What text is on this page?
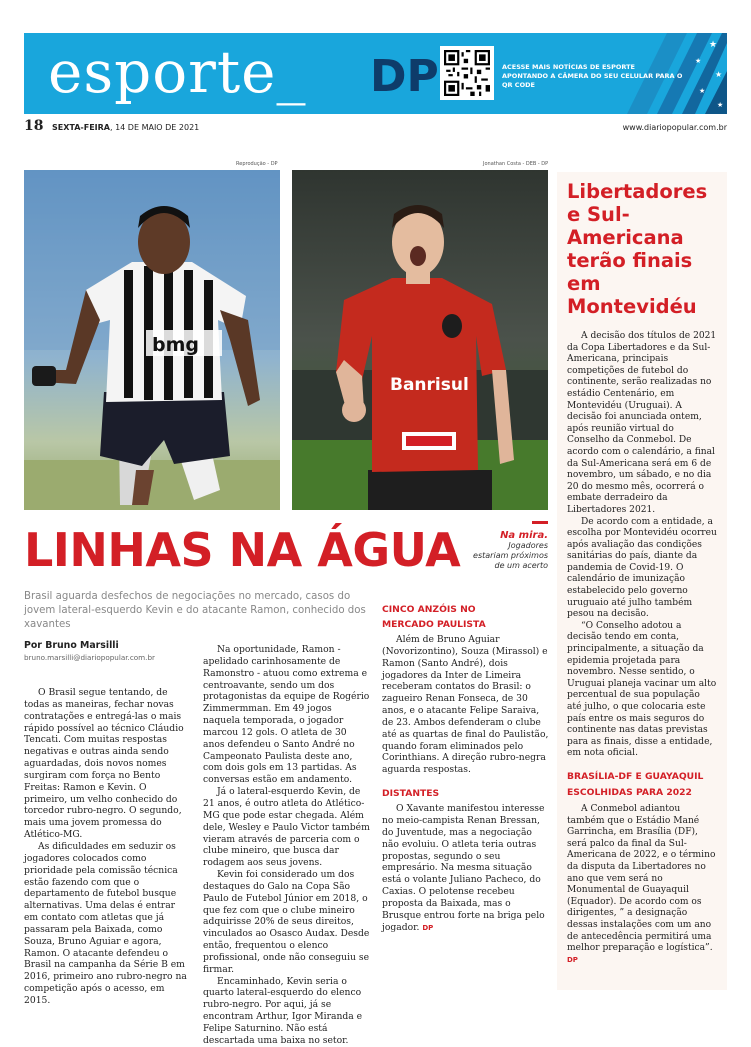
★
★
★
★
★
esporte_ DP	ACESSE MAIS NOTÍCIAS DE ESPORTE
APONTANDO A CÂMERA DO SEU CELULAR PARA O QR CODE
18 SEXTA-FEIRA, 14 DE MAIO DE 2021	www.diariopopular.com.br
Reprodução - DP	Jonathan Costa - DEB - DP
bmg
Banrisul
Libertadores e Sul-Americana terão finais em Montevidéu

A decisão dos títulos de 2021 da Copa Libertadores e da Sul-Americana, principais competições de futebol do continente, serão realizadas no estádio Centenário, em Montevidéu (Uruguai). A decisão foi anunciada ontem, após reunião virtual do Conselho da Conmebol. De acordo com o calendário, a final da Sul-Americana será em 6 de novembro, um sábado, e no dia 20 do mesmo mês, ocorrerá o embate derradeiro da Libertadores 2021.

De acordo com a entidade, a escolha por Montevidéu ocorreu após avaliação das condições sanitárias do país, diante da pandemia de Covid-19. O calendário de imunização estabelecido pelo governo uruguaio até julho também pesou na decisão.

“O Conselho adotou a decisão tendo em conta, principalmente, a situação da epidemia projetada para novembro. Nesse sentido, o Uruguai planeja vacinar um alto percentual de sua população até julho, o que colocaria este país entre os mais seguros do continente nas datas previstas para as finais, disse a entidade, em nota oficial.

BRASÍLIA-DF E GUAYAQUIL
ESCOLHIDAS PARA 2022

A Conmebol adiantou também que o Estádio Mané Garrincha, em Brasília (DF), será palco da final da Sul-Americana de 2022, e o término da disputa da Libertadores no ano que vem será no Monumental de Guayaquil (Equador). De acordo com os dirigentes, ” a designação dessas instalações com um ano de antecedência permitirá uma melhor preparação e logística”. DP

LINHAS NA ÁGUA	Na mira.
Jogadores
estariam próximos
de um acerto
Brasil aguarda desfechos de negociações no mercado, casos do jovem lateral-esquerdo Kevin e do atacante Ramon, conhecido dos xavantes
Por Bruno Marsilli
bruno.marsilli@diariopopular.com.br

O Brasil segue tentando, de todas as maneiras, fechar novas contratações e entregá-las o mais rápido possível ao técnico Cláudio Tencati. Com muitas respostas negativas e outras ainda sendo aguardadas, dois novos nomes surgiram com força no Bento Freitas: Ramon e Kevin. O primeiro, um velho conhecido do torcedor rubro-negro. O segundo, mais uma jovem promessa do Atlético-MG.

As dificuldades em seduzir os jogadores colocados como prioridade pela comissão técnica estão fazendo com que o departamento de futebol busque alternativas. Uma delas é entrar em contato com atletas que já passaram pela Baixada, como Souza, Bruno Aguiar e agora, Ramon. O atacante defendeu o Brasil na campanha da Série B em 2016, primeiro ano rubro-negro na competição após o acesso, em 2015.

Na oportunidade, Ramon - apelidado carinhosamente de Ramonstro - atuou como extrema e centroavante, sendo um dos protagonistas da equipe de Rogério Zimmermman. Em 49 jogos naquela temporada, o jogador marcou 12 gols. O atleta de 30 anos defendeu o Santo André no Campeonato Paulista deste ano, com dois gols em 13 partidas. As conversas estão em andamento.

Já o lateral-esquerdo Kevin, de 21 anos, é outro atleta do Atlético-MG que pode estar chegada. Além dele, Wesley e Paulo Victor também vieram através de parceria com o clube mineiro, que busca dar rodagem aos seus jovens.

Kevin foi considerado um dos destaques do Galo na Copa São Paulo de Futebol Júnior em 2018, o que fez com que o clube mineiro adquirisse 20% de seus direitos, vinculados ao Osasco Audax. Desde então, frequentou o elenco profissional, onde não conseguiu se firmar.

Encaminhado, Kevin seria o quarto lateral-esquerdo do elenco rubro-negro. Por aqui, já se encontram Arthur, Igor Miranda e Felipe Saturnino. Não está descartada uma baixa no setor.

CINCO ANZÓIS NO
MERCADO PAULISTA

Além de Bruno Aguiar (Novorizontino), Souza (Mirassol) e Ramon (Santo André), dois jogadores da Inter de Limeira receberam contatos do Brasil: o zagueiro Renan Fonseca, de 30 anos, e o atacante Felipe Saraiva, de 23. Ambos defenderam o clube até as quartas de final do Paulistão, quando foram eliminados pelo Corinthians. A direção rubro-negra aguarda respostas.

DISTANTES

O Xavante manifestou interesse no meio-campista Renan Bressan, do Juventude, mas a negociação não evoluiu. O atleta teria outras propostas, segundo o seu empresário. Na mesma situação está o volante Juliano Pacheco, do Caxias. O pelotense recebeu proposta da Baixada, mas o Brusque entrou forte na briga pelo jogador. DP
